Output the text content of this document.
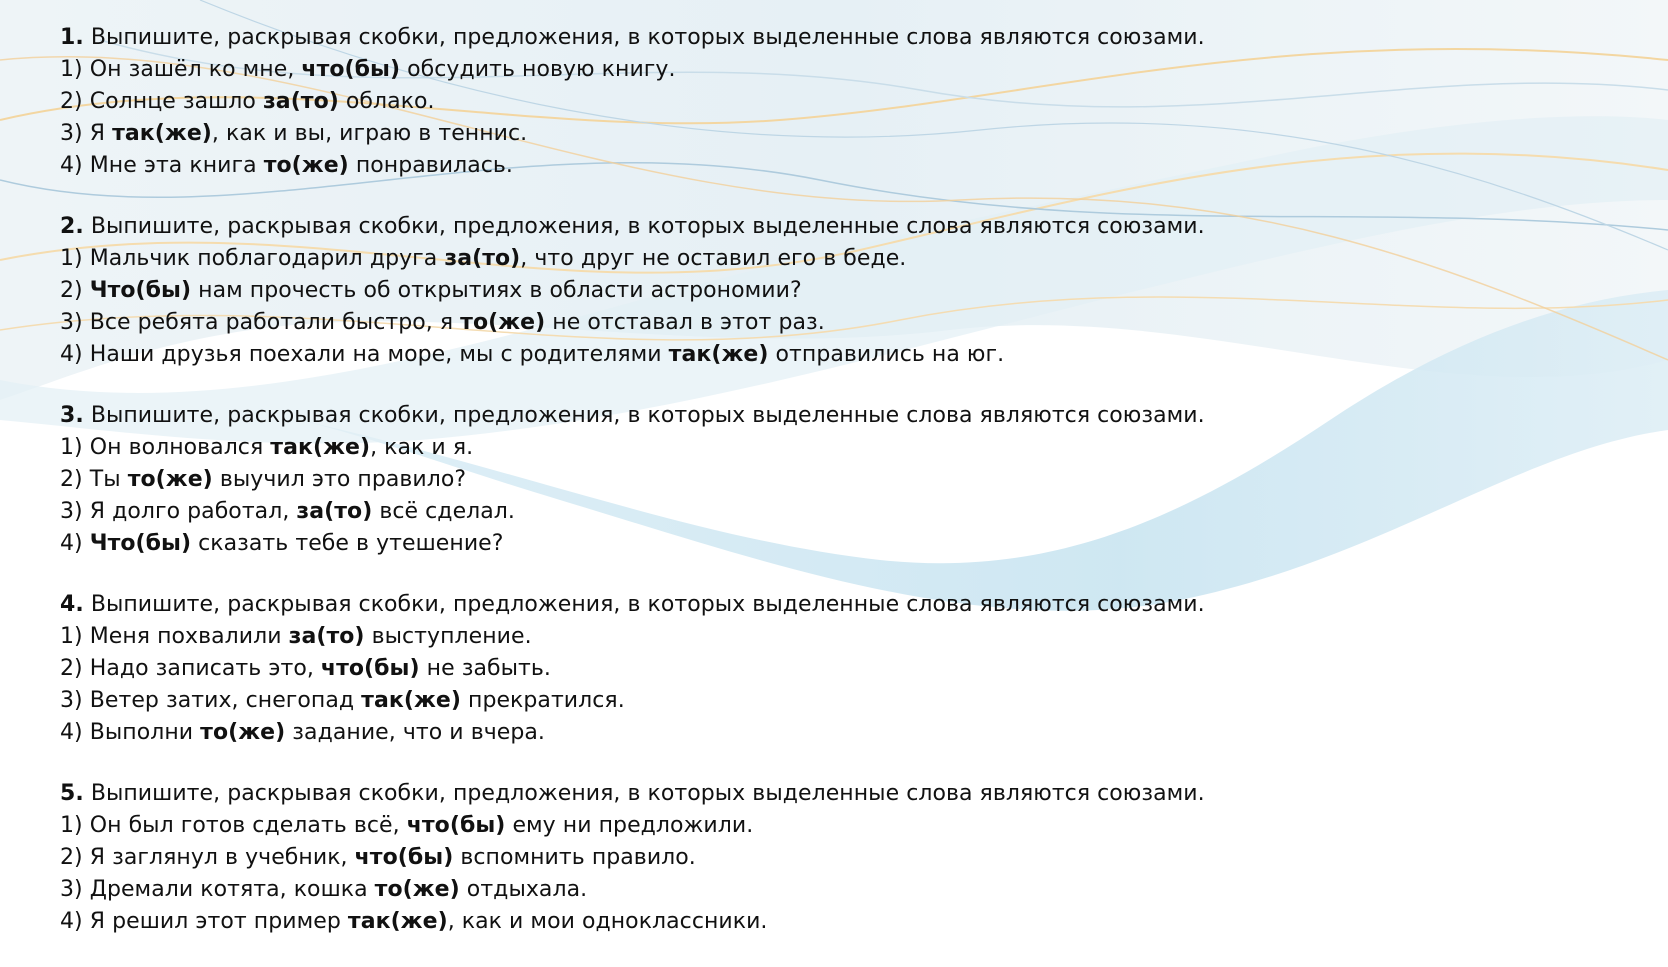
1. Выпишите, раскрывая скобки, предложения, в которых выделенные слова являются союзами.
1) Он зашёл ко мне, что(бы) обсудить новую книгу.
2) Солнце зашло за(то) облако.
3) Я так(же), как и вы, играю в теннис.
4) Мне эта книга то(же) понравилась.
2. Выпишите, раскрывая скобки, предложения, в которых выделенные слова являются союзами.
1) Мальчик поблагодарил друга за(то), что друг не оставил его в беде.
2) Что(бы) нам прочесть об открытиях в области астрономии?
3) Все ребята работали быстро, я то(же) не отставал в этот раз.
4) Наши друзья поехали на море, мы с родителями так(же) отправились на юг.
3. Выпишите, раскрывая скобки, предложения, в которых выделенные слова являются союзами.
1) Он волновался так(же), как и я.
2) Ты то(же) выучил это правило?
3) Я долго работал, за(то) всё сделал.
4) Что(бы) сказать тебе в утешение?
4. Выпишите, раскрывая скобки, предложения, в которых выделенные слова являются союзами.
1) Меня похвалили за(то) выступление.
2) Надо записать это, что(бы) не забыть.
3) Ветер затих, снегопад так(же) прекратился.
4) Выполни то(же) задание, что и вчера.
5. Выпишите, раскрывая скобки, предложения, в которых выделенные слова являются союзами.
1) Он был готов сделать всё, что(бы) ему ни предложили.
2) Я заглянул в учебник, что(бы) вспомнить правило.
3) Дремали котята, кошка то(же) отдыхала.
4) Я решил этот пример так(же), как и мои одноклассники.
